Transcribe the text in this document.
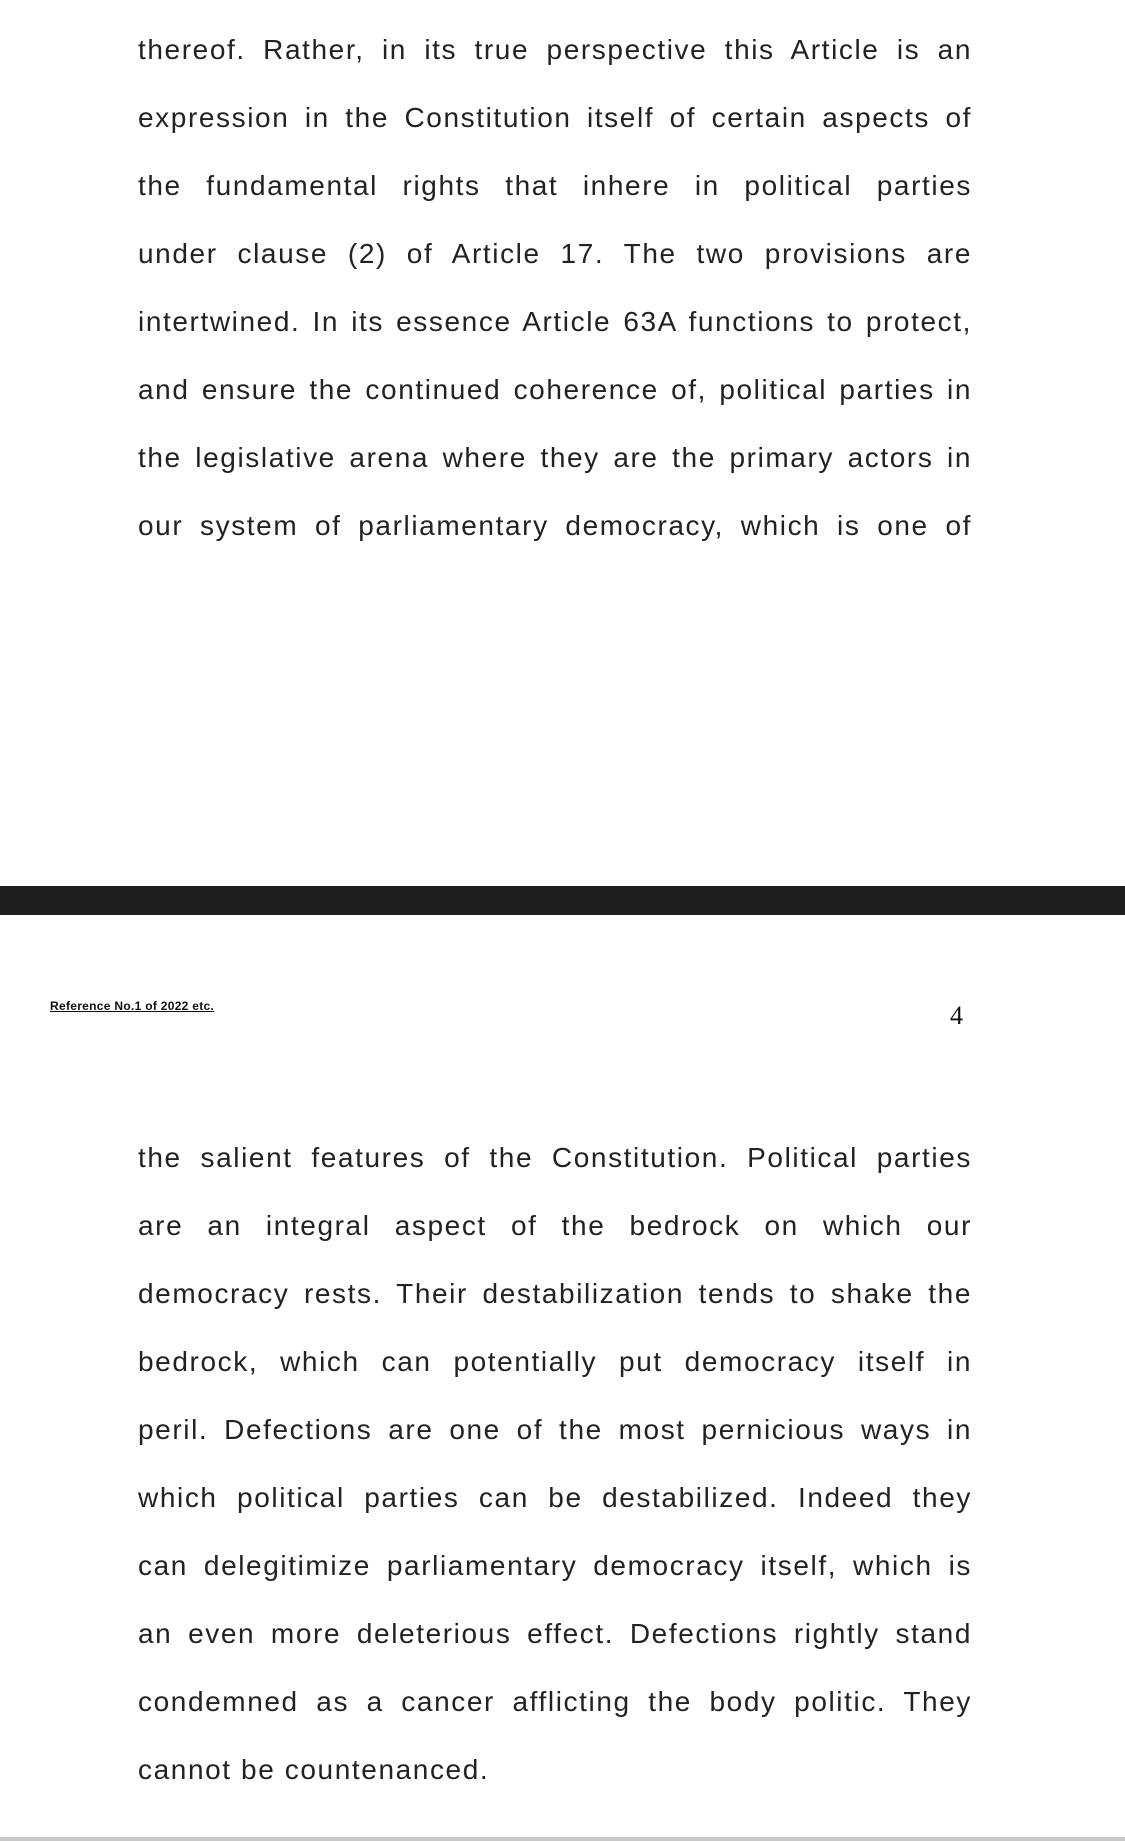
thereof. Rather, in its true perspective this Article is an
expression in the Constitution itself of certain aspects of
the fundamental rights that inhere in political parties
under clause (2) of Article 17. The two provisions are
intertwined. In its essence Article 63A functions to protect,
and ensure the continued coherence of, political parties in
the legislative arena where they are the primary actors in
our system of parliamentary democracy, which is one of
Reference No.1 of 2022 etc.	4
the salient features of the Constitution. Political parties
are an integral aspect of the bedrock on which our
democracy rests. Their destabilization tends to shake the
bedrock, which can potentially put democracy itself in
peril. Defections are one of the most pernicious ways in
which political parties can be destabilized. Indeed they
can delegitimize parliamentary democracy itself, which is
an even more deleterious effect. Defections rightly stand
condemned as a cancer afflicting the body politic. They
cannot be countenanced.
